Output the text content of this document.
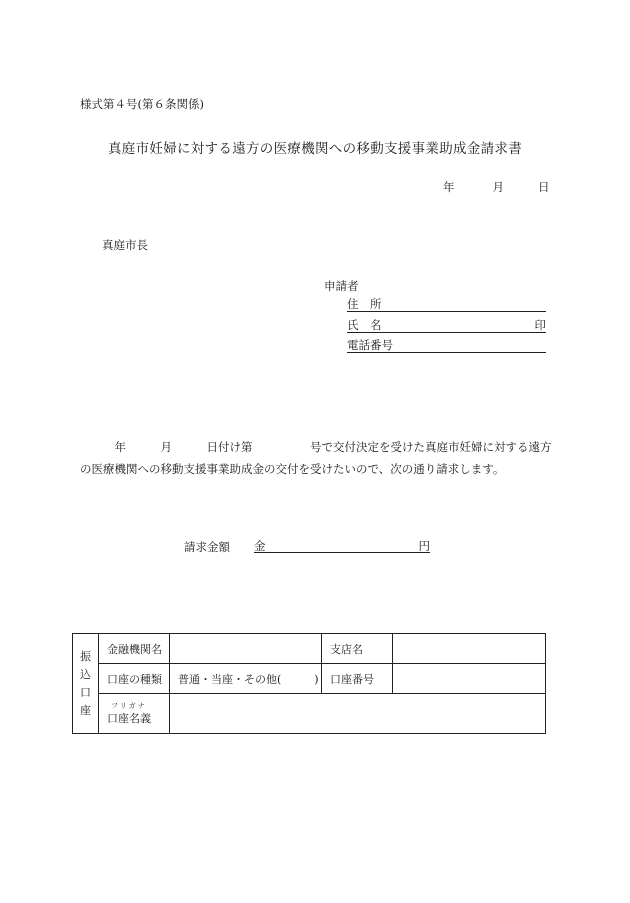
様式第４号(第６条関係)
真庭市妊婦に対する遠方の医療機関への移動支援事業助成金請求書
年	月	日
真庭市長
申請者
住　所
氏　名	印
電話番号
　　　年　　　月　　　日付け第　　　　　号で交付決定を受けた真庭市妊婦に対する遠方の医療機関への移動支援事業助成金の交付を受けたいので、次の通り請求します。
請求金額 金	円
振
込
口
座	金融機関名		支店名	
	口座の種類	普通・当座・その他(　　　)	口座番号	

	フリガナ
口座名義			
